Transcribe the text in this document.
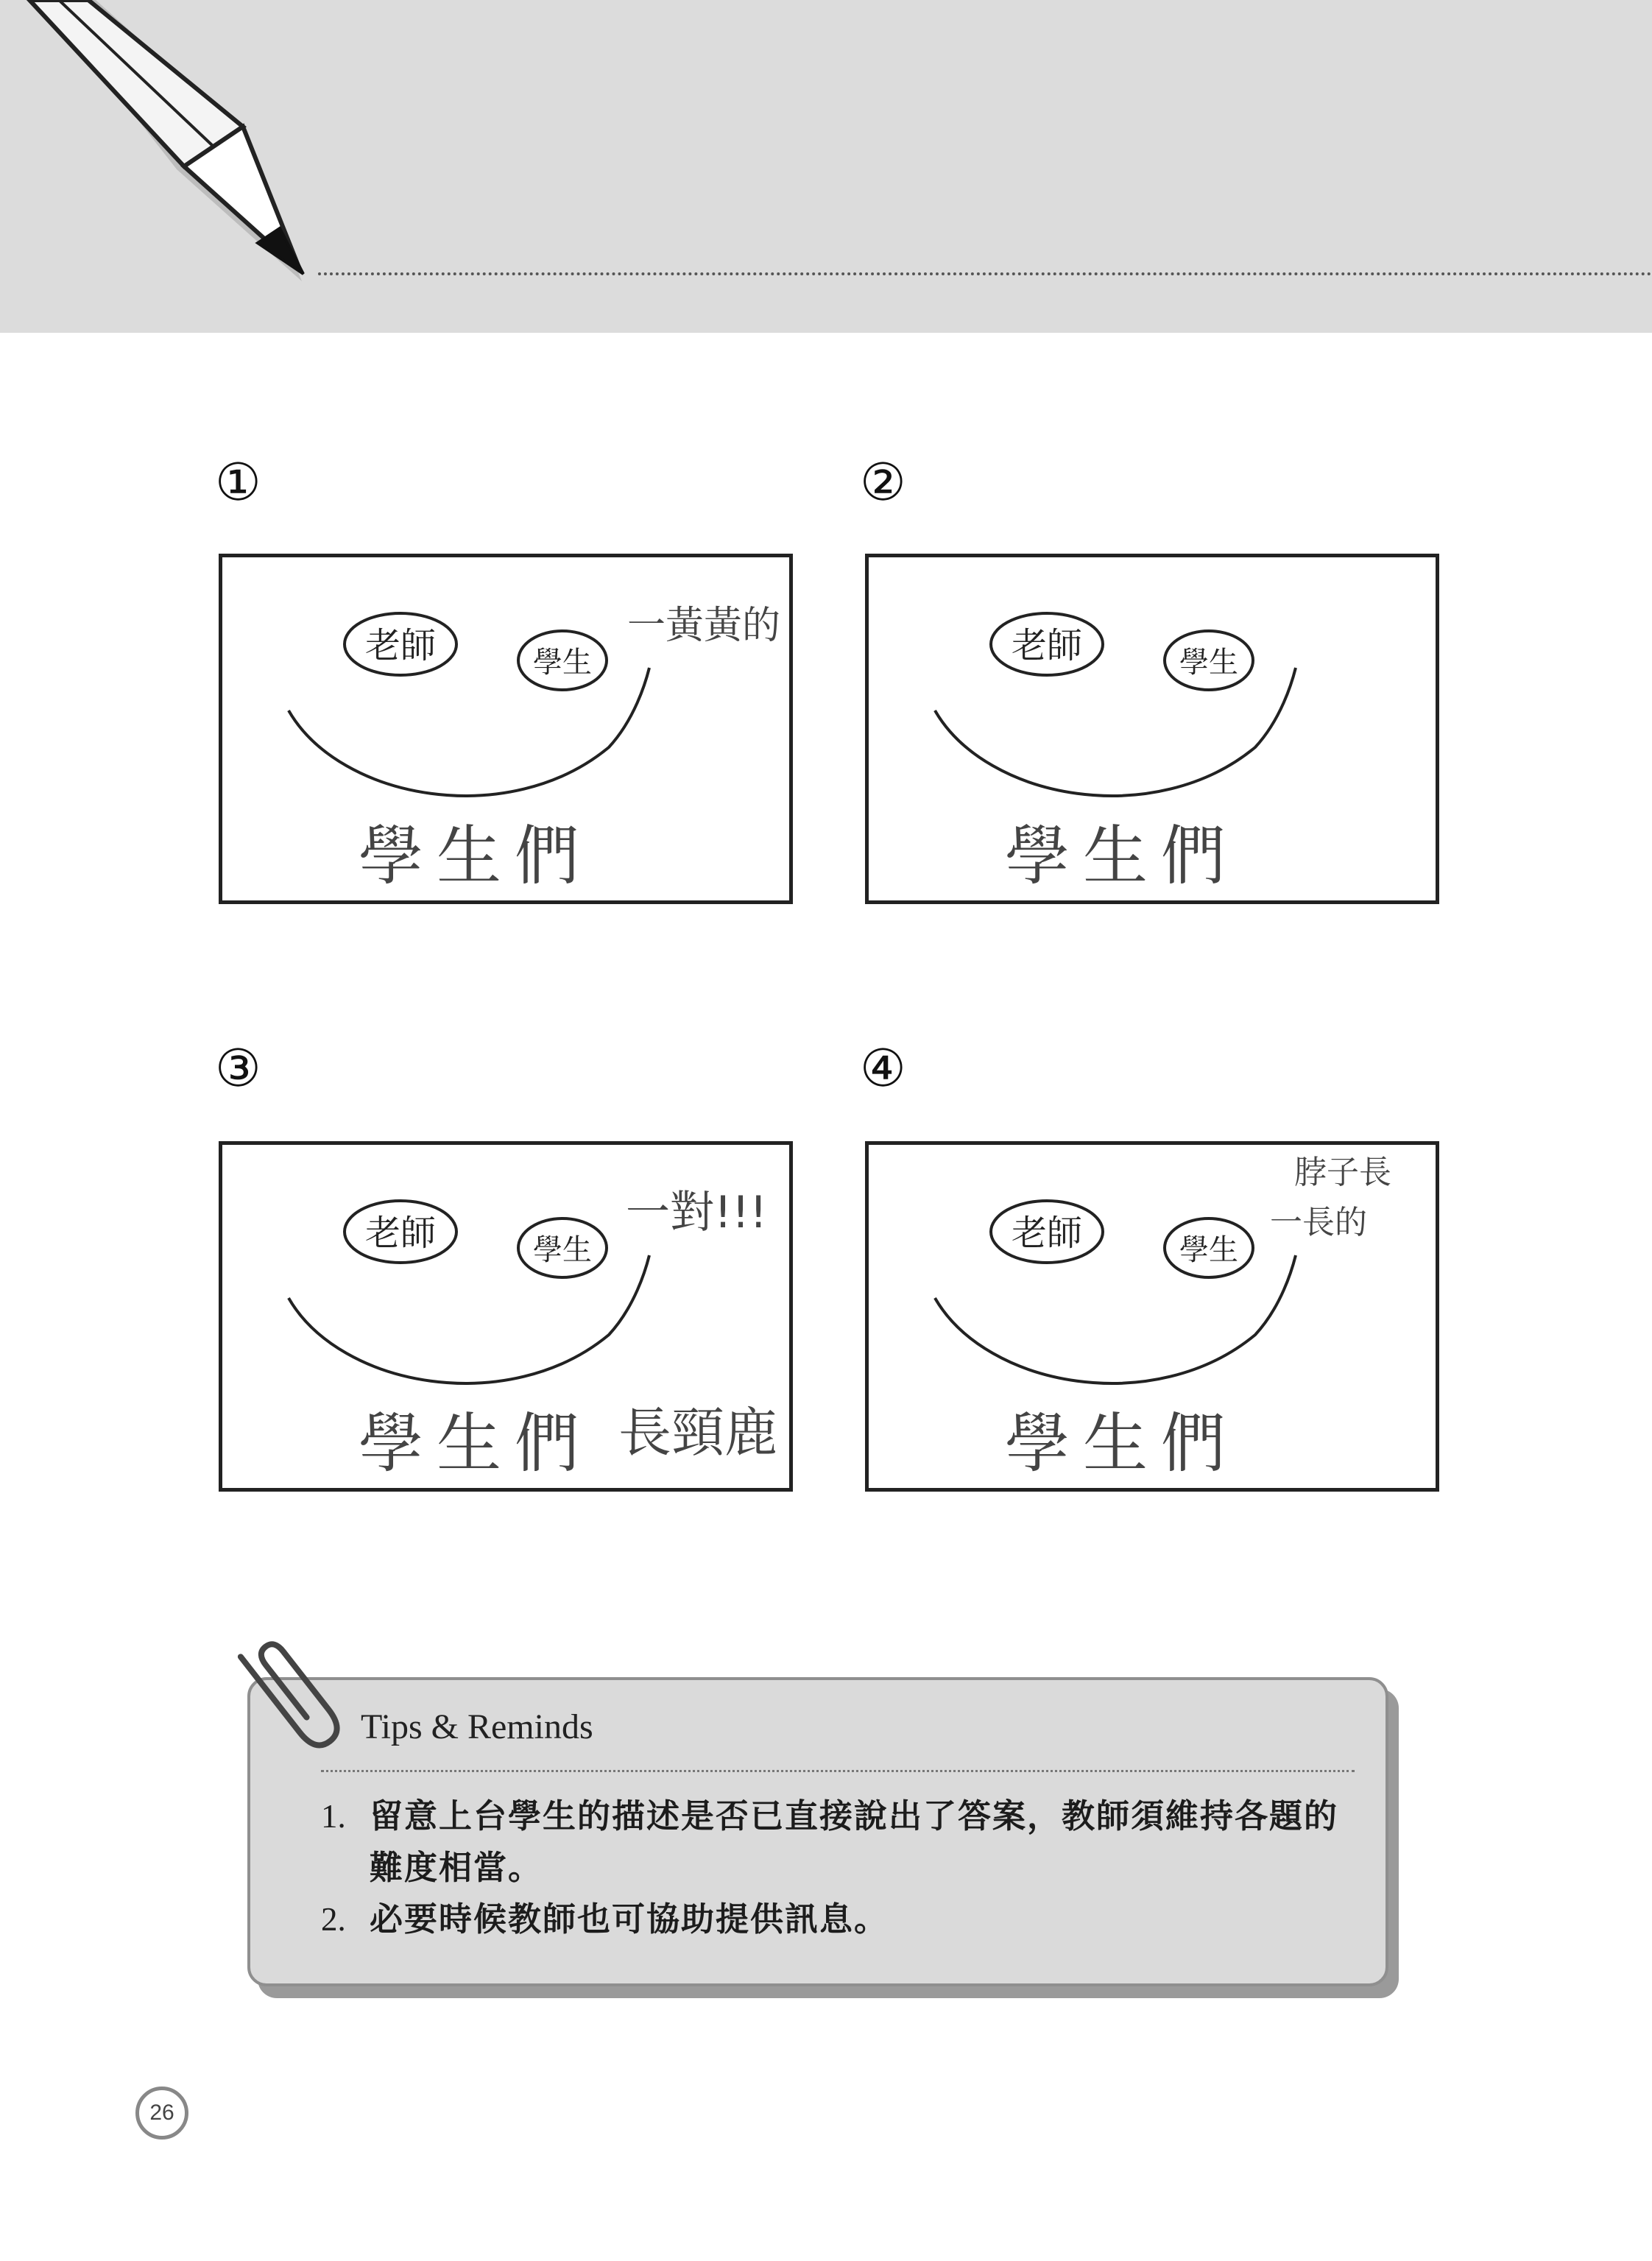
①	②
③	④
老師	學生
學生們
一黃黃的	老師	學生
學生們
老師	學生
學生們 長頸鹿
一對!!!	老師	學生
學生們
脖子長
一長的
Tips & Reminds
1. 留意上台學生的描述是否已直接說出了答案，教師須維持各題的難度相當。
2. 必要時候教師也可協助提供訊息。
26
